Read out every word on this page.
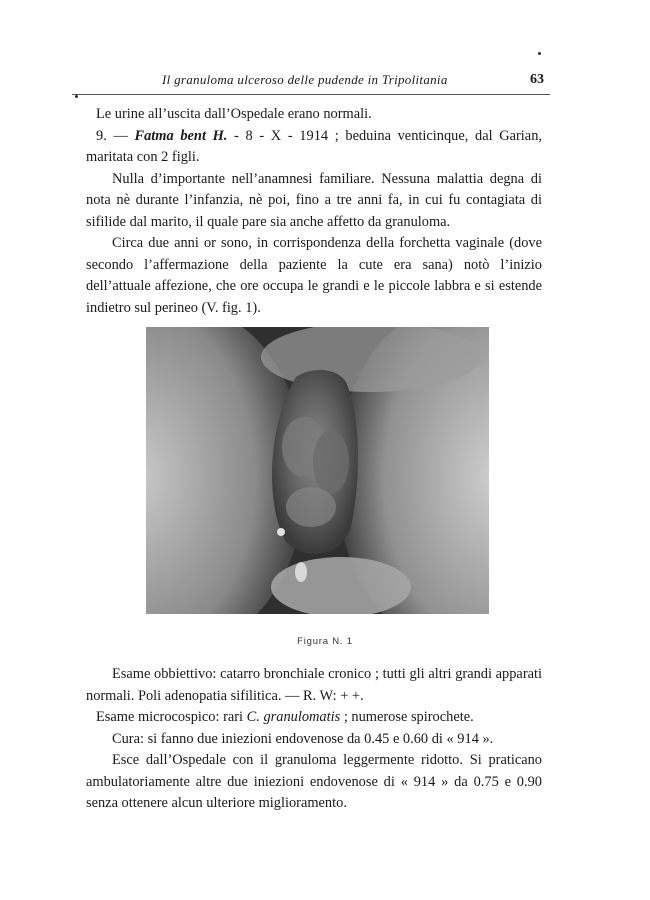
Il granuloma ulceroso delle pudende in Tripolitania	63

Le urine all’uscita dall’Ospedale erano normali.

9. — Fatma bent H. - 8 - X - 1914 ; beduina venticinque, dal Garian, maritata con 2 figli.

Nulla d’importante nell’anamnesi familiare. Nessuna malattia degna di nota nè durante l’infanzia, nè poi, fino a tre anni fa, in cui fu contagiata di sifilide dal marito, il quale pare sia anche affetto da granuloma.

Circa due anni or sono, in corrispondenza della forchetta vaginale (dove secondo l’affermazione della paziente la cute era sana) notò l’inizio dell’attuale affezione, che ore occupa le grandi e le piccole labbra e si estende indietro sul perineo (V. fig. 1).

Figura N. 1

Esame obbiettivo: catarro bronchiale cronico ; tutti gli altri grandi apparati normali. Poli adenopatia sifilitica. — R. W: + +.

Esame microcospico: rari C. granulomatis ; numerose spirochete.

Cura: si fanno due iniezioni endovenose da 0.45 e 0.60 di « 914 ».

Esce dall’Ospedale con il granuloma leggermente ridotto. Si praticano ambulatoriamente altre due iniezioni endovenose di « 914 » da 0.75 e 0.90 senza ottenere alcun ulteriore miglioramento.
